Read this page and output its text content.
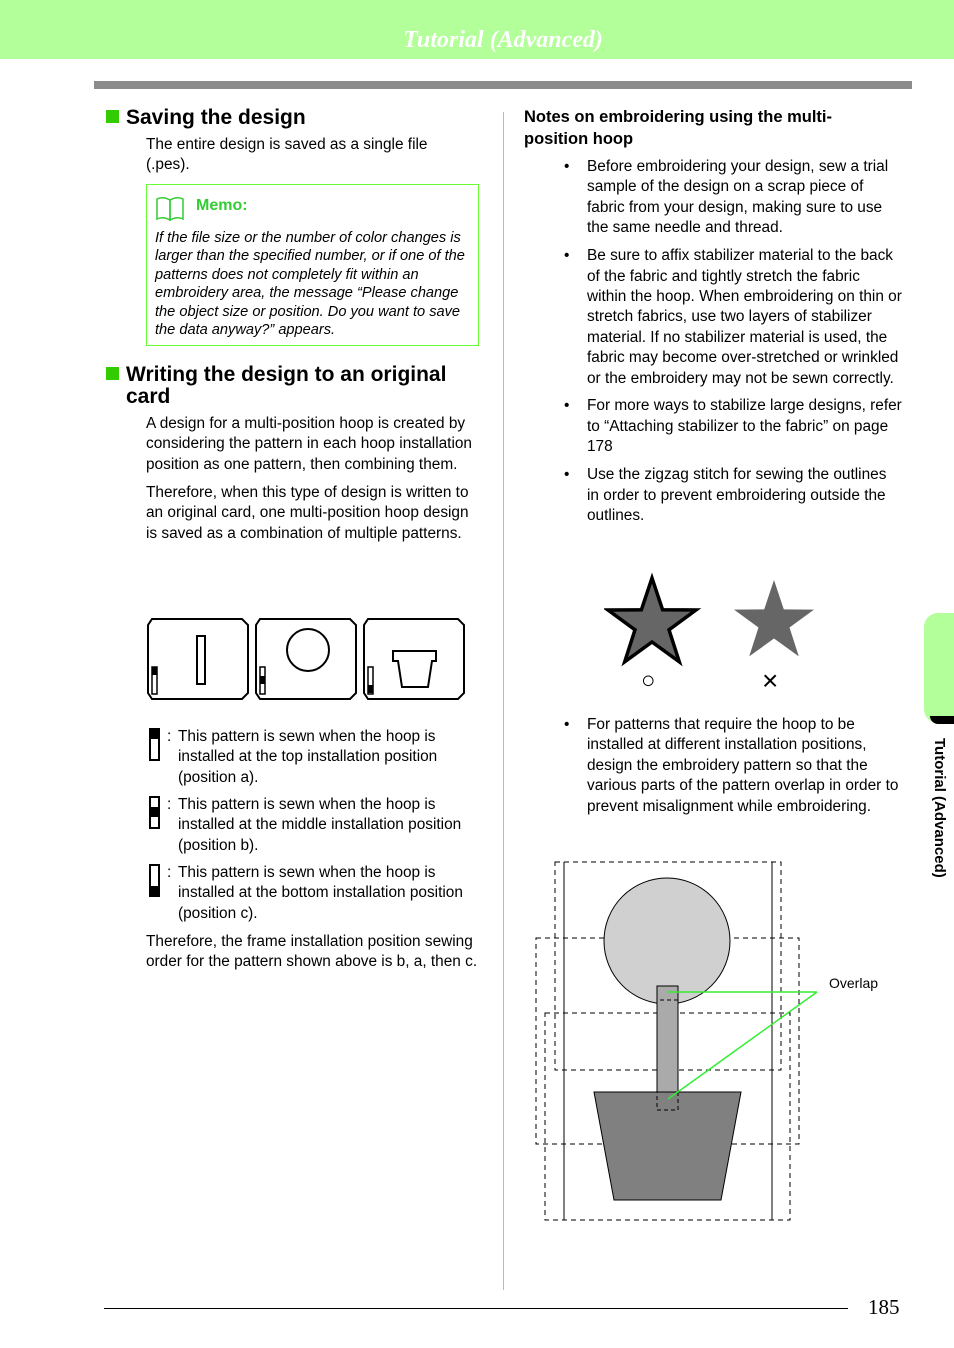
Tutorial (Advanced)
Tutorial (Advanced)
Saving the design
The entire design is saved as a single file (.pes).
Memo:
If the file size or the number of color changes is larger than the specified number, or if one of the patterns does not completely fit within an embroidery area, the message “Please change the object size or position. Do you want to save the data anyway?” appears.
Writing the design to an original card

A design for a multi-position hoop is created by considering the pattern in each hoop installation position as one pattern, then combining them.

Therefore, when this type of design is written to an original card, one multi-position hoop design is saved as a combination of multiple patterns.

: This pattern is sewn when the hoop is installed at the top installation position (position a).
: This pattern is sewn when the hoop is installed at the middle installation position (position b).
: This pattern is sewn when the hoop is installed at the bottom installation position (position c).
Therefore, the frame installation position sewing order for the pattern shown above is b, a, then c.
Notes on embroidering using the multi-position hoop
• Before embroidering your design, sew a trial sample of the design on a scrap piece of fabric from your design, making sure to use the same needle and thread.
• Be sure to affix stabilizer material to the back of the fabric and tightly stretch the fabric within the hoop. When embroidering on thin or stretch fabrics, use two layers of stabilizer material. If no stabilizer material is used, the fabric may become over-stretched or wrinkled or the embroidery may not be sewn correctly.
• For more ways to stabilize large designs, refer to “Attaching stabilizer to the fabric” on page 178
• Use the zigzag stitch for sewing the outlines in order to prevent embroidering outside the outlines.
○	×
• For patterns that require the hoop to be installed at different installation positions, design the embroidery pattern so that the various parts of the pattern overlap in order to prevent misalignment while embroidering.
Overlap
185
